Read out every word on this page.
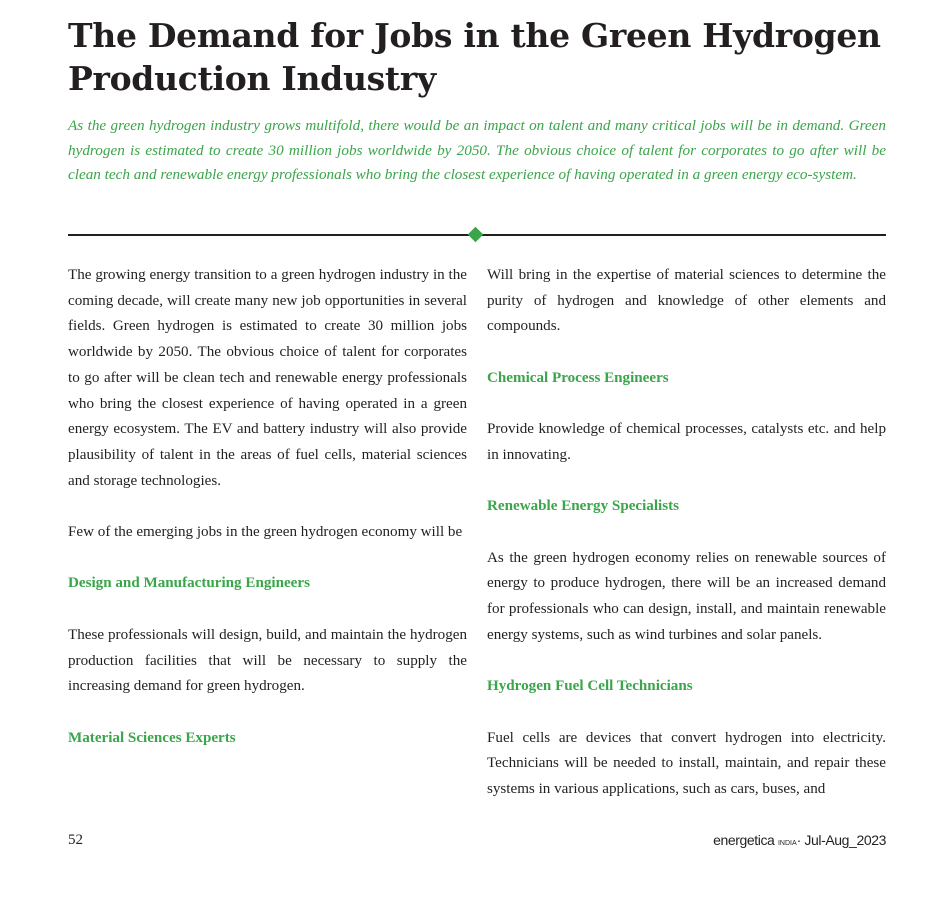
The Demand for Jobs in the Green Hydrogen Production Industry

As the green hydrogen industry grows multifold, there would be an impact on talent and many critical jobs will be in demand. Green hydrogen is estimated to create 30 million jobs worldwide by 2050. The obvious choice of talent for corporates to go after will be clean tech and renewable energy professionals who bring the closest experience of having operated in a green energy eco-system.

The growing energy transition to a green hydrogen industry in the coming decade, will create many new job opportunities in several fields. Green hydrogen is estimated to create 30 million jobs worldwide by 2050. The obvious choice of talent for corporates to go after will be clean tech and renewable energy professionals who bring the closest experience of having operated in a green energy ecosystem. The EV and battery industry will also provide plausibility of talent in the areas of fuel cells, material sciences and storage technologies.

Few of the emerging jobs in the green hydrogen economy will be

Design and Manufacturing Engineers

These professionals will design, build, and maintain the hydrogen production facilities that will be necessary to supply the increasing demand for green hydrogen.

Material Sciences Experts

Will bring in the expertise of material sciences to determine the purity of hydrogen and knowledge of other elements and compounds.

Chemical Process Engineers

Provide knowledge of chemical processes, catalysts etc. and help in innovating.

Renewable Energy Specialists

As the green hydrogen economy relies on renewable sources of energy to produce hydrogen, there will be an increased demand for professionals who can design, install, and maintain renewable energy systems, such as wind turbines and solar panels.

Hydrogen Fuel Cell Technicians

Fuel cells are devices that convert hydrogen into electricity. Technicians will be needed to install, maintain, and repair these systems in various applications, such as cars, buses, and

52	energetica INDIA· Jul-Aug_2023
